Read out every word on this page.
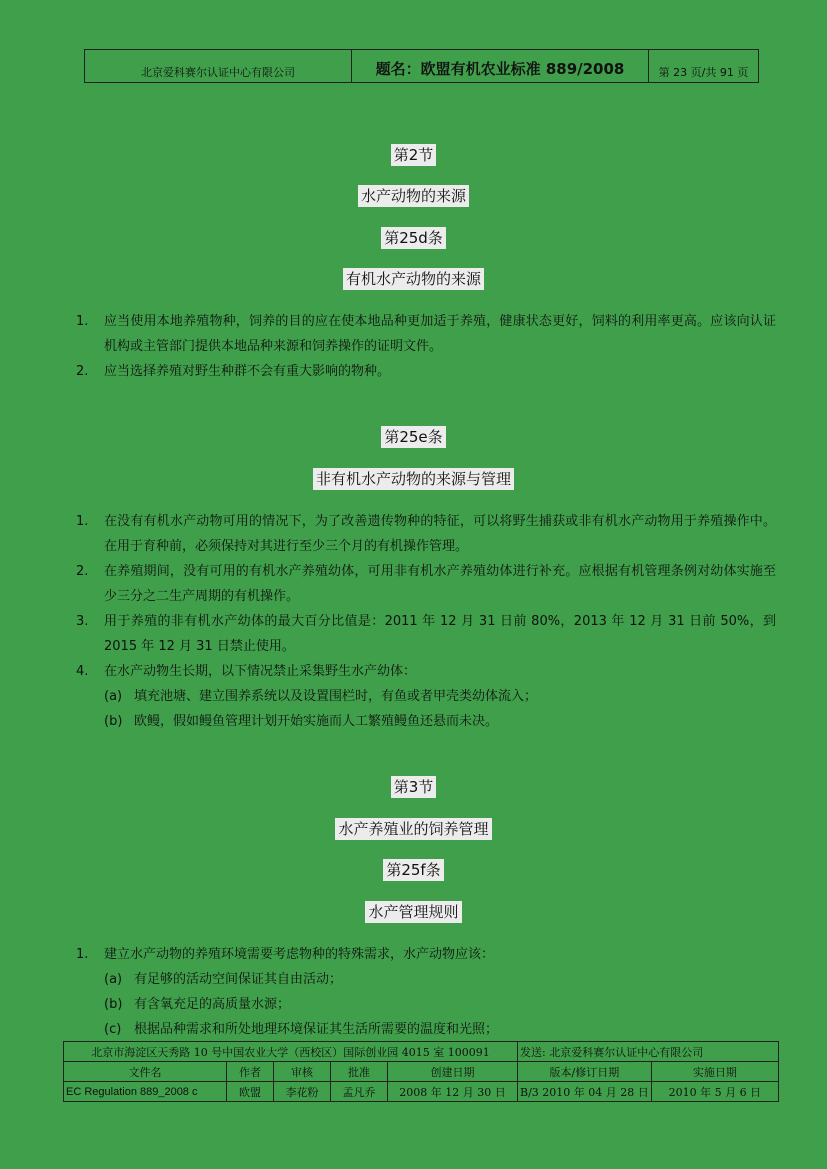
北京爱科赛尔认证中心有限公司	题名：欧盟有机农业标准 889/2008	第 23 页/共 91 页
第2节
水产动物的来源
第25d条
有机水产动物的来源
1. 应当使用本地养殖物种，饲养的目的应在使本地品种更加适于养殖，健康状态更好，饲料的利用率更高。应该向认证机构或主管部门提供本地品种来源和饲养操作的证明文件。
2. 应当选择养殖对野生种群不会有重大影响的物种。
第25e条
非有机水产动物的来源与管理
1. 在没有有机水产动物可用的情况下，为了改善遗传物种的特征，可以将野生捕获或非有机水产动物用于养殖操作中。在用于育种前，必须保持对其进行至少三个月的有机操作管理。
2. 在养殖期间，没有可用的有机水产养殖幼体，可用非有机水产养殖幼体进行补充。应根据有机管理条例对幼体实施至少三分之二生产周期的有机操作。
3. 用于养殖的非有机水产幼体的最大百分比值是：2011 年 12 月 31 日前 80%，2013 年 12 月 31 日前 50%，到 2015 年 12 月 31 日禁止使用。
4. 在水产动物生长期，以下情况禁止采集野生水产幼体：
(a) 填充池塘、建立围养系统以及设置围栏时，有鱼或者甲壳类幼体流入；
(b) 欧鳗，假如鳗鱼管理计划开始实施而人工繁殖鳗鱼还悬而未决。
第3节
水产养殖业的饲养管理
第25f条
水产管理规则
1. 建立水产动物的养殖环境需要考虑物种的特殊需求，水产动物应该：
(a) 有足够的活动空间保证其自由活动；
(b) 有含氧充足的高质量水源；
(c) 根据品种需求和所处地理环境保证其生活所需要的温度和光照；
北京市海淀区天秀路 10 号中国农业大学（西校区）国际创业园 4015 室 100091					发送: 北京爱科赛尔认证中心有限公司	
文件名	作者	审核	批准	创建日期	版本/修订日期	实施日期
EC Regulation 889_2008 c	欧盟	李花粉	孟凡乔	2008 年 12 月 30 日	B/3 2010 年 04 月 28 日	2010 年 5 月 6 日
